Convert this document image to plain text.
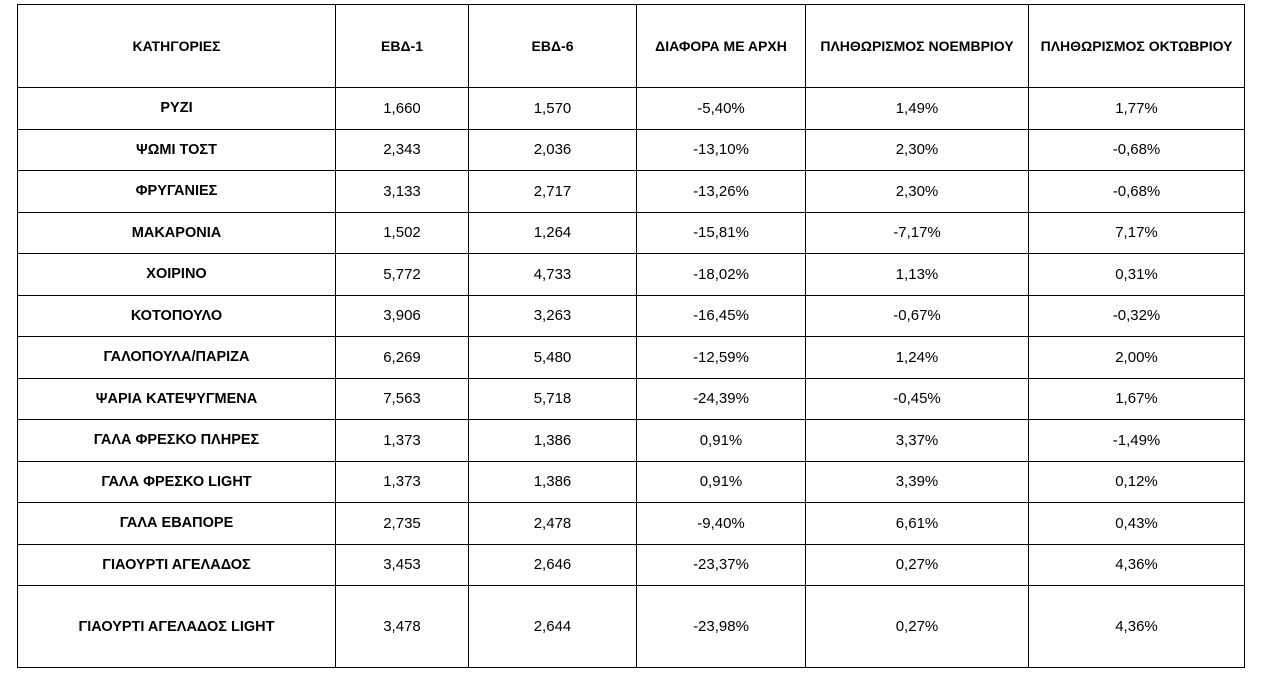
ΚΑΤΗΓΟΡΙΕΣ	ΕΒΔ-1	ΕΒΔ-6	ΔΙΑΦΟΡΑ ΜΕ ΑΡΧΗ	ΠΛΗΘΩΡΙΣΜΟΣ ΝΟΕΜΒΡΙΟΥ	ΠΛΗΘΩΡΙΣΜΟΣ ΟΚΤΩΒΡΙΟΥ
ΡΥΖΙ	1,660	1,570	-5,40%	1,49%	1,77%
ΨΩΜΙ ΤΟΣΤ	2,343	2,036	-13,10%	2,30%	-0,68%
ΦΡΥΓΑΝΙΕΣ	3,133	2,717	-13,26%	2,30%	-0,68%
ΜΑΚΑΡΟΝΙΑ	1,502	1,264	-15,81%	-7,17%	7,17%
ΧΟΙΡΙΝΟ	5,772	4,733	-18,02%	1,13%	0,31%
ΚΟΤΟΠΟΥΛΟ	3,906	3,263	-16,45%	-0,67%	-0,32%
ΓΑΛΟΠΟΥΛΑ/ΠΑΡΙΖΑ	6,269	5,480	-12,59%	1,24%	2,00%
ΨΑΡΙΑ ΚΑΤΕΨΥΓΜΕΝΑ	7,563	5,718	-24,39%	-0,45%	1,67%
ΓΑΛΑ ΦΡΕΣΚΟ ΠΛΗΡΕΣ	1,373	1,386	0,91%	3,37%	-1,49%
ΓΑΛΑ ΦΡΕΣΚΟ LIGHT	1,373	1,386	0,91%	3,39%	0,12%
ΓΑΛΑ ΕΒΑΠΟΡΕ	2,735	2,478	-9,40%	6,61%	0,43%
ΓΙΑΟΥΡΤΙ ΑΓΕΛΑΔΟΣ	3,453	2,646	-23,37%	0,27%	4,36%
ΓΙΑΟΥΡΤΙ ΑΓΕΛΑΔΟΣ LIGHT	3,478	2,644	-23,98%	0,27%	4,36%
